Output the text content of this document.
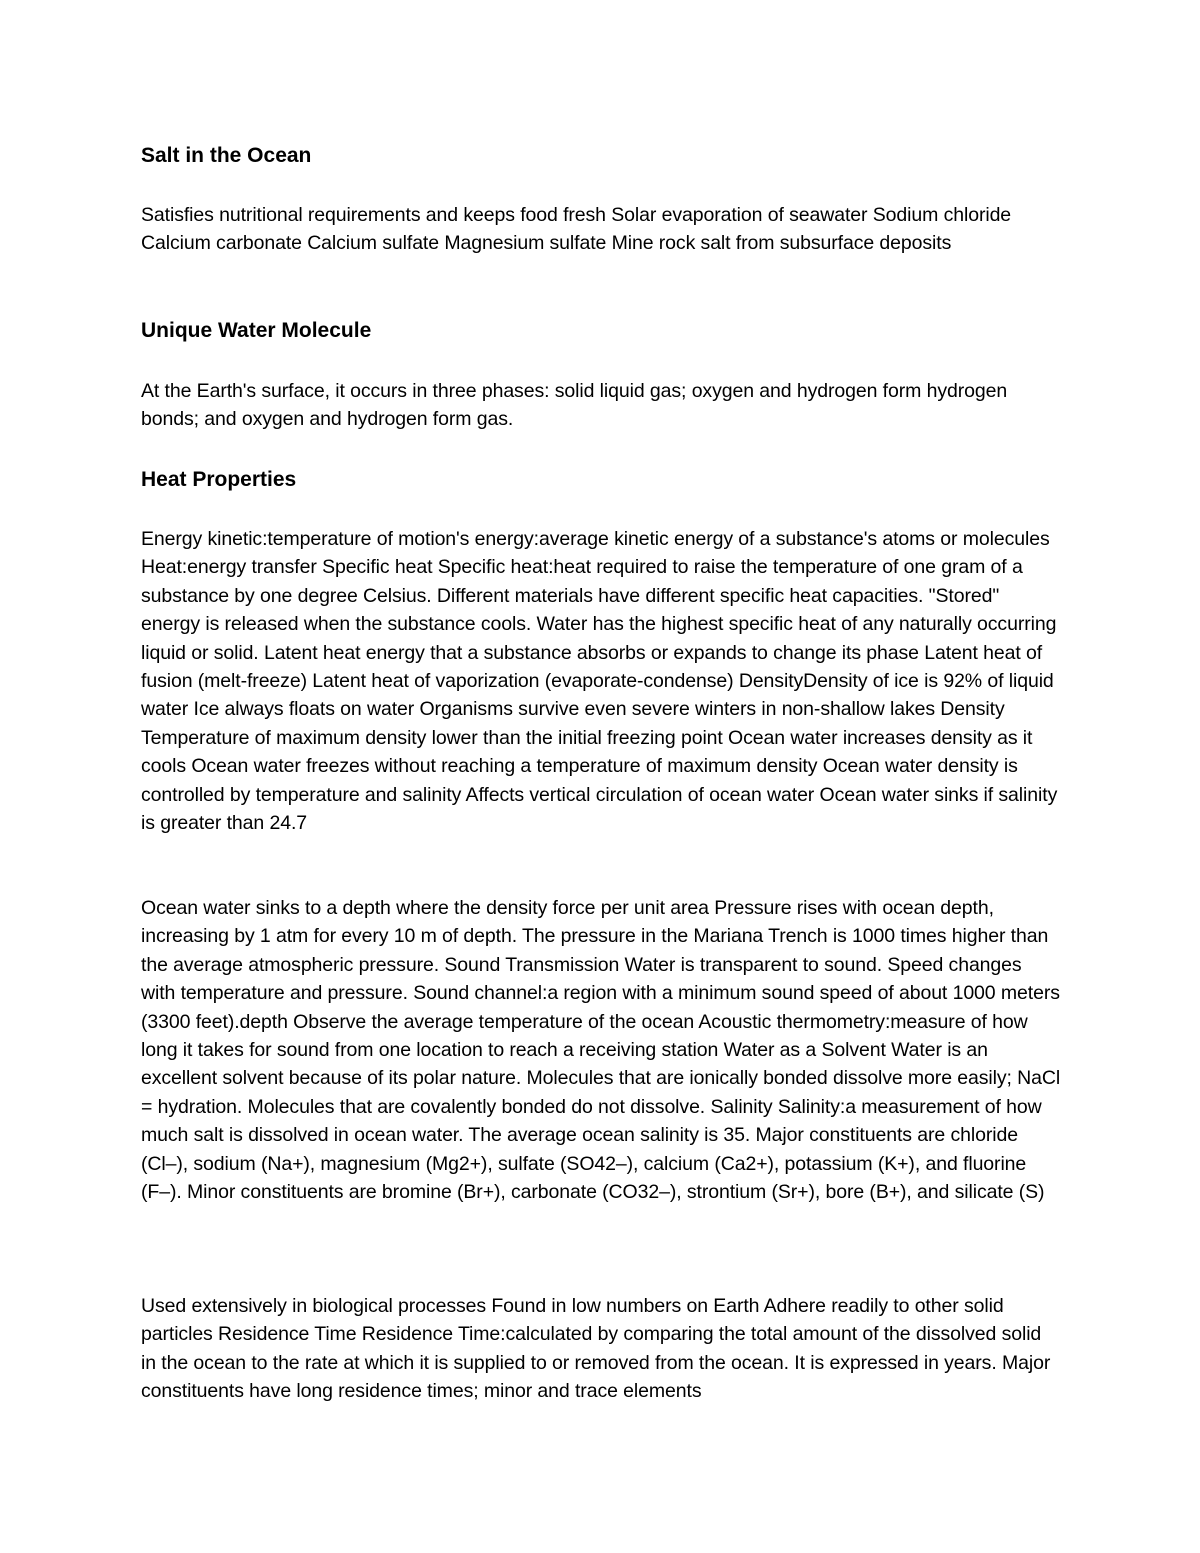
Salt in the Ocean

Satisfies nutritional requirements and keeps food fresh Solar evaporation of seawater Sodium chloride Calcium carbonate Calcium sulfate Magnesium sulfate Mine rock salt from subsurface deposits

Unique Water Molecule

At the Earth's surface, it occurs in three phases: solid liquid gas; oxygen and hydrogen form hydrogen bonds; and oxygen and hydrogen form gas.

Heat Properties

Energy kinetic:temperature of motion's energy:average kinetic energy of a substance's atoms or molecules Heat:energy transfer Specific heat Specific heat:heat required to raise the temperature of one gram of a substance by one degree Celsius. Different materials have different specific heat capacities. "Stored" energy is released when the substance cools. Water has the highest specific heat of any naturally occurring liquid or solid. Latent heat energy that a substance absorbs or expands to change its phase Latent heat of fusion (melt-freeze) Latent heat of vaporization (evaporate-condense) DensityDensity of ice is 92% of liquid water Ice always floats on water Organisms survive even severe winters in non-shallow lakes Density Temperature of maximum density lower than the initial freezing point Ocean water increases density as it cools Ocean water freezes without reaching a temperature of maximum density Ocean water density is controlled by temperature and salinity Affects vertical circulation of ocean water Ocean water sinks if salinity is greater than 24.7

Ocean water sinks to a depth where the density force per unit area Pressure rises with ocean depth, increasing by 1 atm for every 10 m of depth. The pressure in the Mariana Trench is 1000 times higher than the average atmospheric pressure. Sound Transmission Water is transparent to sound. Speed changes with temperature and pressure. Sound channel:a region with a minimum sound speed of about 1000 meters (3300 feet).depth Observe the average temperature of the ocean Acoustic thermometry:measure of how long it takes for sound from one location to reach a receiving station Water as a Solvent Water is an excellent solvent because of its polar nature. Molecules that are ionically bonded dissolve more easily; NaCl = hydration. Molecules that are covalently bonded do not dissolve. Salinity Salinity:a measurement of how much salt is dissolved in ocean water. The average ocean salinity is 35. Major constituents are chloride (Cl–), sodium (Na+), magnesium (Mg2+), sulfate (SO42–), calcium (Ca2+), potassium (K+), and fluorine (F–). Minor constituents are bromine (Br+), carbonate (CO32–), strontium (Sr+), bore (B+), and silicate (S)

Used extensively in biological processes Found in low numbers on Earth Adhere readily to other solid particles Residence Time Residence Time:calculated by comparing the total amount of the dissolved solid in the ocean to the rate at which it is supplied to or removed from the ocean. It is expressed in years. Major constituents have long residence times; minor and trace elements
